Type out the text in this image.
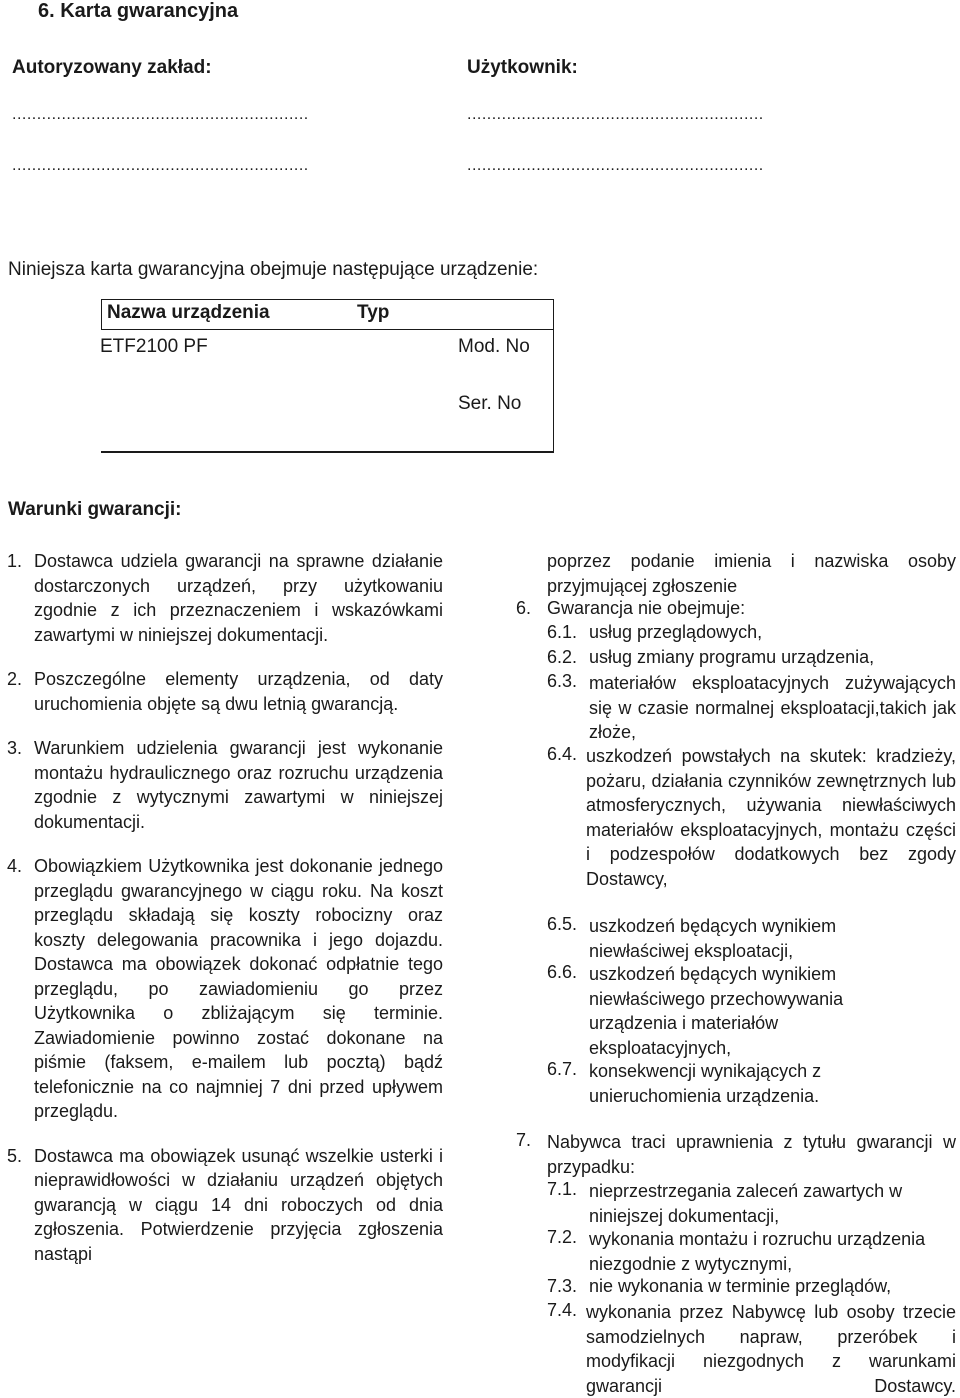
6. Karta gwarancyjna
Autoryzowany zakład:
............................................................
............................................................
Użytkownik:
............................................................
............................................................
Niniejsza karta gwarancyjna obejmuje następujące urządzenie:
Nazwa urządzenia	Typ
ETF2100 PF	Mod. No
Ser. No
Warunki gwarancji:
1. Dostawca udziela gwarancji na sprawne działanie dostarczonych urządzeń, przy użytkowaniu zgodnie z ich przeznaczeniem i wskazówkami zawartymi w niniejszej dokumentacji.

2. Poszczególne elementy urządzenia, od daty uruchomienia objęte są dwu letnią gwarancją.

3. Warunkiem udzielenia gwarancji jest wykonanie montażu hydraulicznego oraz rozruchu urządzenia zgodnie z wytycznymi zawartymi w niniejszej dokumentacji.

4. Obowiązkiem Użytkownika jest dokonanie jednego przeglądu gwarancyjnego w ciągu roku. Na koszt przeglądu składają się koszty robocizny oraz koszty delegowania pracownika i jego dojazdu. Dostawca ma obowiązek dokonać odpłatnie tego przeglądu, po zawiadomieniu go przez Użytkownika o zbliżającym się terminie. Zawiadomienie powinno zostać dokonane na piśmie (faksem, e-mailem lub pocztą) bądź telefonicznie na co najmniej 7 dni przed upływem przeglądu.

5. Dostawca ma obowiązek usunąć wszelkie usterki i nieprawidłowości w działaniu urządzeń objętych gwarancją w ciągu 14 dni roboczych od dnia zgłoszenia. Potwierdzenie przyjęcia zgłoszenia nastąpi

poprzez podanie imienia i nazwiska osoby przyjmującej zgłoszenie

6. Gwarancja nie obejmuje:
6.1. usług przeglądowych,
6.2. usług zmiany programu urządzenia,
6.3. materiałów eksploatacyjnych zużywających się w czasie normalnej eksploatacji,takich jak złoże,

6.4. uszkodzeń powstałych na skutek: kradzieży, pożaru, działania czynników zewnętrznych lub atmosferycznych, używania niewłaściwych materiałów eksploatacyjnych, montażu części i podzespołów dodatkowych bez zgody Dostawcy,

6.5. uszkodzeń będących wynikiem niewłaściwej eksploatacji,

6.6. uszkodzeń będących wynikiem niewłaściwego przechowywania urządzenia i materiałów eksploatacyjnych,

6.7. konsekwencji wynikających z unieruchomienia urządzenia.

7. Nabywca traci uprawnienia z tytułu gwarancji w przypadku:

7.1. nieprzestrzegania zaleceń zawartych w niniejszej dokumentacji,

7.2. wykonania montażu i rozruchu urządzenia niezgodnie z wytycznymi,

7.3. nie wykonania w terminie przeglądów,
7.4. wykonania przez Nabywcę lub osoby trzecie samodzielnych napraw, przeróbek i modyfikacji niezgodnych z warunkami gwarancji Dostawcy.
